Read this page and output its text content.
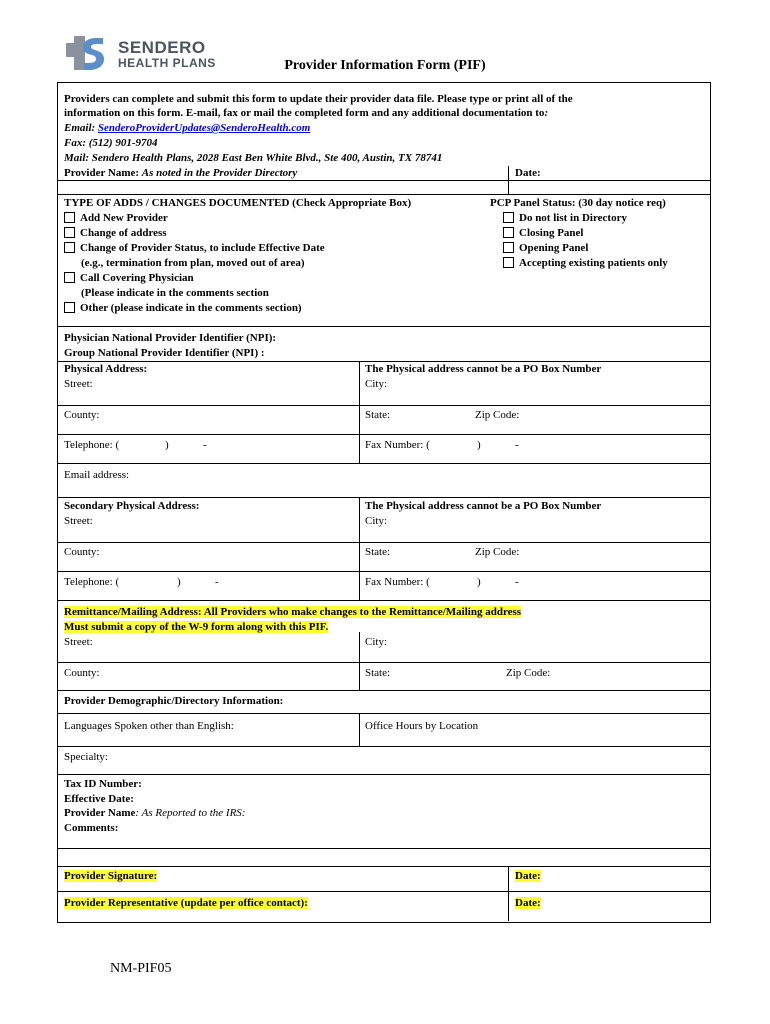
SENDERO
HEALTH PLANS	Provider Information Form (PIF)
Providers can complete and submit this form to update their provider data file. Please type or print all of the
information on this form. E-mail, fax or mail the completed form and any additional documentation to:
Email: SenderoProviderUpdates@SenderoHealth.com
Fax: (512) 901-9704
Mail: Sendero Health Plans, 2028 East Ben White Blvd., Ste 400, Austin, TX 78741
Provider Name: As noted in the Provider Directory	Date:
TYPE OF ADDS / CHANGES DOCUMENTED (Check Appropriate Box)
Add New Provider
Change of address
Change of Provider Status, to include Effective Date
(e.g., termination from plan, moved out of area)
Call Covering Physician
(Please indicate in the comments section
Other (please indicate in the comments section)
PCP Panel Status: (30 day notice req)
Do not list in Directory
Closing Panel
Opening Panel
Accepting existing patients only
Physician National Provider Identifier (NPI):
Group National Provider Identifier (NPI) :
Physical Address:
Street:
The Physical address cannot be a PO Box Number
City:
County:	State:	Zip Code:
Telephone: (	)	-	Fax Number: (	)	-
Email address:
Secondary Physical Address:
Street:
The Physical address cannot be a PO Box Number
City:
County:	State:	Zip Code:
Telephone: (	)	-	Fax Number: (	)	-
Remittance/Mailing Address: All Providers who make changes to the Remittance/Mailing address
Must submit a copy of the W-9 form along with this PIF.
Street:	City:
County:	State:	Zip Code:
Provider Demographic/Directory Information:
Languages Spoken other than English:	Office Hours by Location
Specialty:
Tax ID Number:
Effective Date:
Provider Name: As Reported to the IRS:
Comments:
Provider Signature:	Date:
Provider Representative (update per office contact):	Date:
NM-PIF05
